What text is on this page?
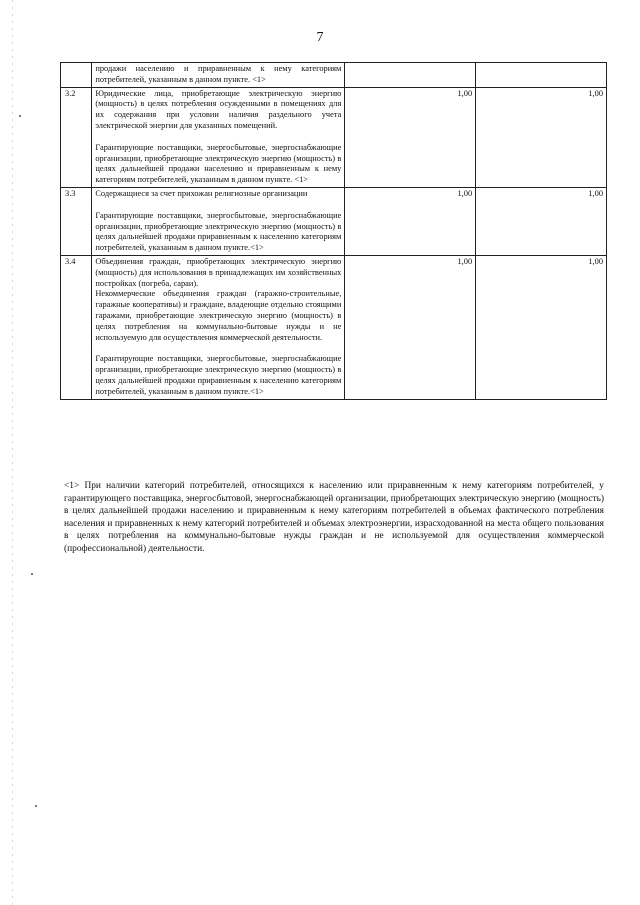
7

	продажи населению и приравненным к нему категориям потребителей, указанным в данном пункте. <1>		

3.2	Юридические лица, приобретающие электрическую энергию (мощность) в целях потребления осужденными в помещениях для их содержания при условии наличия раздельного учета электрической энергии для указанных помещений.
Гарантирующие поставщики, энергосбытовые, энергоснабжающие организации, приобретающие электрическую энергию (мощность) в целях дальнейшей продажи населению и приравненным к нему категориям потребителей, указанным в данном пункте. <1>	1,00	1,00
3.3	Содержащиеся за счет прихожан религиозные организации
Гарантирующие поставщики, энергосбытовые, энергоснабжающие организации, приобретающие электрическую энергию (мощность) в целях дальнейшей продажи приравненным к населению категориям потребителей, указанным в данном пункте.<1>	1,00	1,00
3.4	Объединения граждан, приобретающих электрическую энергию (мощность) для использования в принадлежащих им хозяйственных постройках (погреба, сараи).
Некоммерческие объединения граждан (гаражно-строительные, гаражные кооперативы) и граждане, владеющие отдельно стоящими гаражами, приобретающие электрическую энергию (мощность) в целях потребления на коммунально-бытовые нужды и не используемую для осуществления коммерческой деятельности.
Гарантирующие поставщики, энергосбытовые, энергоснабжающие организации, приобретающие электрическую энергию (мощность) в целях дальнейшей продажи приравненным к населению категориям потребителей, указанным в данном пункте.<1>	1,00	1,00
<1> При наличии категорий потребителей, относящихся к населению или приравненным к нему категориям потребителей, у гарантирующего поставщика, энергосбытовой, энергоснабжающей организации, приобретающих электрическую энергию (мощность) в целях дальнейшей продажи населению и приравненным к нему категориям потребителей в объемах фактического потребления населения и приравненных к нему категорий потребителей и объемах электроэнергии, израсходованной на места общего пользования в целях потребления на коммунально-бытовые нужды граждан и не используемой для осуществления коммерческой (профессиональной) деятельности.
